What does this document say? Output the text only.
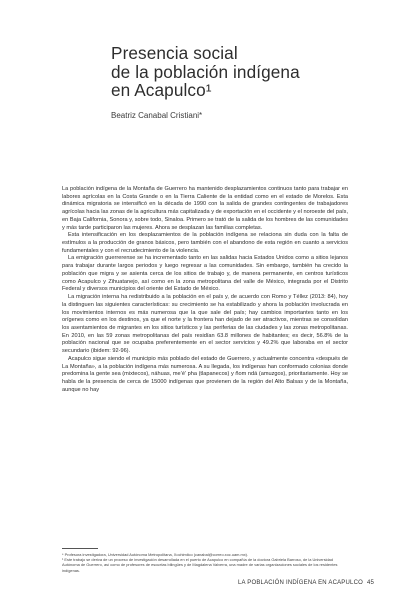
Presencia social
de la población indígena
en Acapulco¹
Beatriz Canabal Cristiani*

La población indígena de la Montaña de Guerrero ha mantenido desplazamientos continuos tanto para trabajar en labores agrícolas en la Costa Grande o en la Tierra Caliente de la entidad como en el estado de Morelos. Esta dinámica migratoria se intensificó en la década de 1990 con la salida de grandes contingentes de trabajadores agrícolas hacia las zonas de la agricultura más capitalizada y de exportación en el occidente y el noroeste del país, en Baja California, Sonora y, sobre todo, Sinaloa. Primero se trató de la salida de los hombres de las comunidades y más tarde participaron las mujeres. Ahora se desplazan las familias completas.

Esta intensificación en los desplazamientos de la población indígena se relaciona sin duda con la falta de estímulos a la producción de granos básicos, pero también con el abandono de esta región en cuanto a servicios fundamentales y con el recrudecimiento de la violencia.

La emigración guerrerense se ha incrementado tanto en las salidas hacia Estados Unidos como a sitios lejanos para trabajar durante largos periodos y luego regresar a las comunidades. Sin embargo, también ha crecido la población que migra y se asienta cerca de los sitios de trabajo y, de manera permanente, en centros turísticos como Acapulco y Zihuatanejo, así como en la zona metropolitana del valle de México, integrada por el Distrito Federal y diversos municipios del oriente del Estado de México.

La migración interna ha redistribuido a la población en el país y, de acuerdo con Romo y Téllez (2013: 84), hoy la distinguen las siguientes características: su crecimiento se ha estabilizado y ahora la población involucrada en los movimientos internos es más numerosa que la que sale del país; hay cambios importantes tanto en los orígenes como en los destinos, ya que el norte y la frontera han dejado de ser atractivos, mientras se consolidan los asentamientos de migrantes en los sitios turísticos y las periferias de las ciudades y las zonas metropolitanas. En 2010, en las 59 zonas metropolitanas del país residían 63.8 millones de habitantes; es decir, 56.8% de la población nacional que se ocupaba preferentemente en el sector servicios y 49.2% que laboraba en el sector secundario (ibidem: 92-96).

Acapulco sigue siendo el municipio más poblado del estado de Guerrero, y actualmente concentra «después de La Montaña», a la población indígena más numerosa. A su llegada, los indígenas han conformado colonias donde predomina la gente sea (mixtecos), náhuas, me’é’ pha (tlapanecos) y ñom ndá (amuzgos), prioritariamente. Hoy se habla de la presencia de cerca de 15000 indígenas que provienen de la región del Alto Balsas y de la Montaña, aunque no hay

* Profesora investigadora, Universidad Autónoma Metropolitana, Xochimilco (canabal@correo.xoc.uam.mx).
¹ Este trabajo se deriva de un proceso de investigación desarrollada en el puerto de Acapulco en compañía de la doctora Gabriela Barroso, de la Universidad Autónoma de Guerrero, así como de profesores de escuelas bilingües y de Magdalena Valverra, una madre de varias organizaciones sociales de los residentes indígenas.
LA POBLACIÓN INDÍGENA EN ACAPULCO 45
